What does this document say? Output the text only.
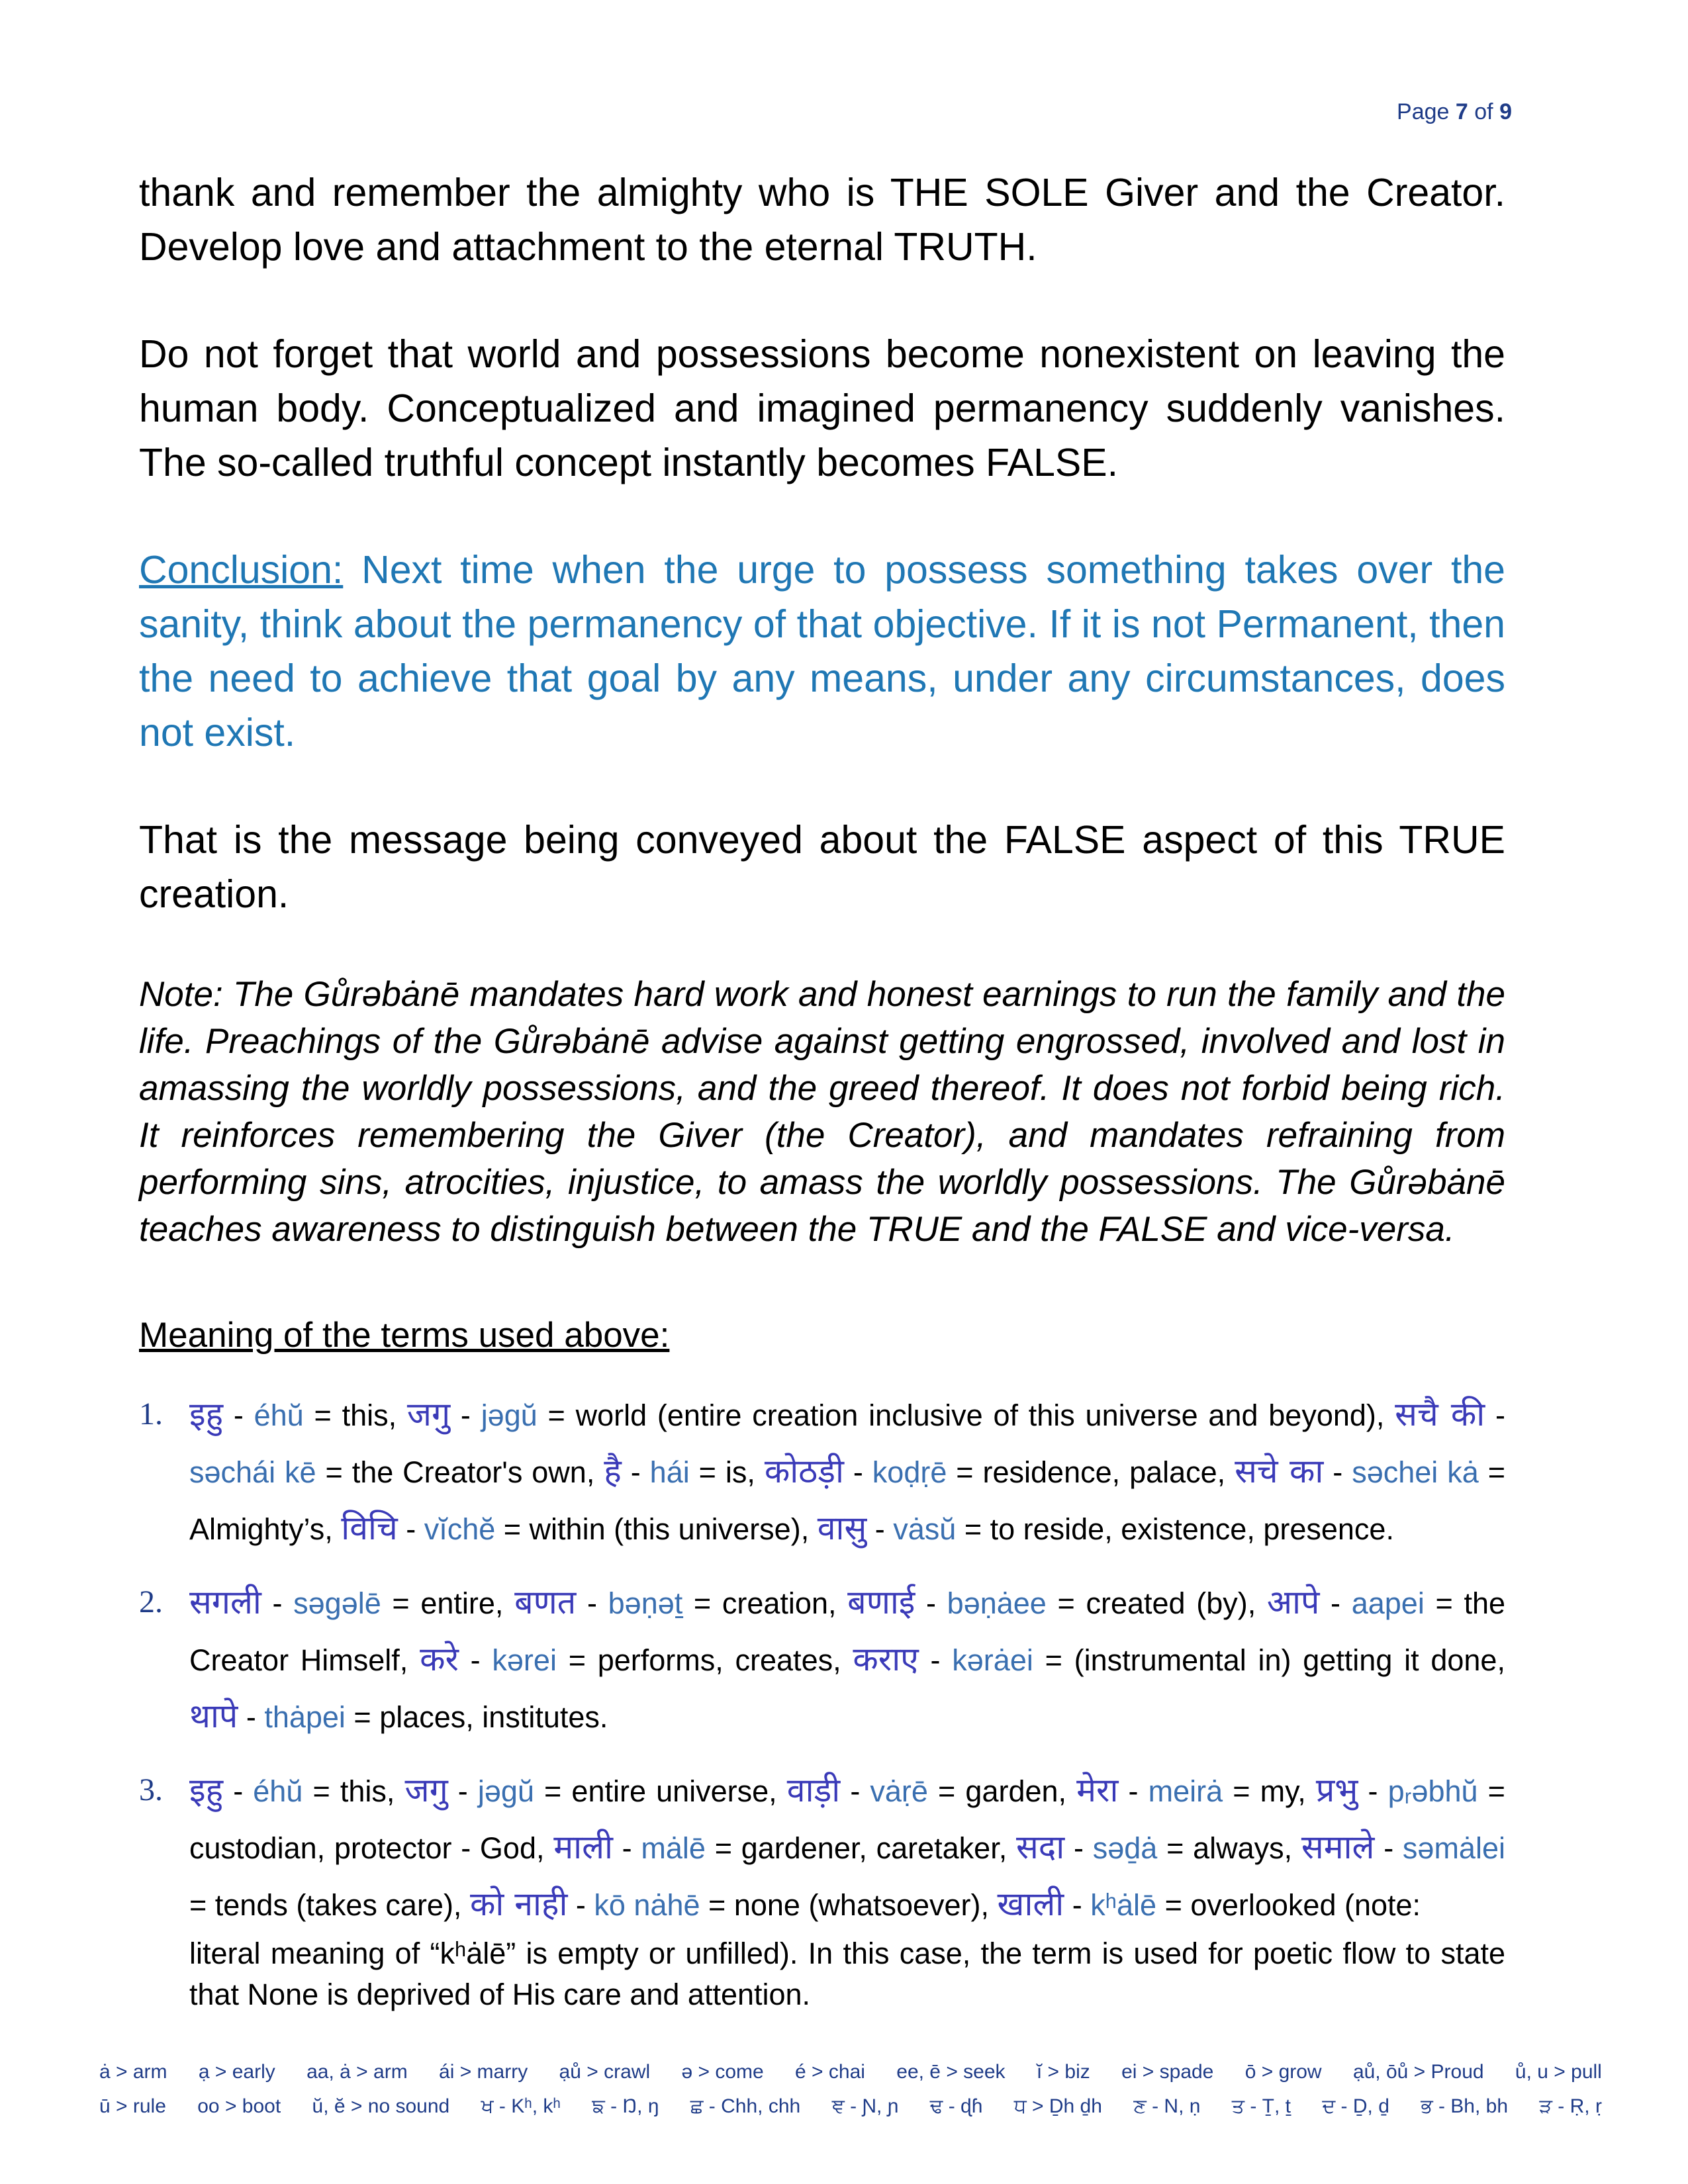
Page 7 of 9

thank and remember the almighty who is THE SOLE Giver and the Creator. Develop love and attachment to the eternal TRUTH.

Do not forget that world and possessions become nonexistent on leaving the human body. Conceptualized and imagined permanency suddenly vanishes. The so-called truthful concept instantly becomes FALSE.

Conclusion: Next time when the urge to possess something takes over the sanity, think about the permanency of that objective. If it is not Permanent, then the need to achieve that goal by any means, under any circumstances, does not exist.

That is the message being conveyed about the FALSE aspect of this TRUE creation.

Note: The Gůrəbȧnē mandates hard work and honest earnings to run the family and the life. Preachings of the Gůrəbȧnē advise against getting engrossed, involved and lost in amassing the worldly possessions, and the greed thereof. It does not forbid being rich. It reinforces remembering the Giver (the Creator), and mandates refraining from performing sins, atrocities, injustice, to amass the worldly possessions. The Gůrəbȧnē teaches awareness to distinguish between the TRUE and the FALSE and vice-versa.

Meaning of the terms used above:

1. इहु - éhŭ = this, जगु - jəgŭ = world (entire creation inclusive of this universe and beyond), सचै की - səchái kē = the Creator's own, है - hái = is, कोठड़ी - koḍṛē = residence, palace, सचे का - səchei kȧ = Almighty’s, विचि - vĭchĕ = within (this universe), वासु - vȧsŭ = to reside, existence, presence.
2. सगली - səgəlē = entire, बणत - bəṇəṯ = creation, बणाई - bəṇȧee = created (by), आपे - aapei = the Creator Himself, करे - kərei = performs, creates, कराए - kərȧei = (instrumental in) getting it done, थापे - thȧpei = places, institutes.
3. इहु - éhŭ = this, जगु - jəgŭ = entire universe, वाड़ी - vȧṛē = garden, मेरा - meirȧ = my, प्रभु - pᵣəbhŭ = custodian, protector - God, माली - mȧlē = gardener, caretaker, सदा - səḏȧ = always, समाले - səmȧlei = tends (takes care), को नाही - kō nȧhē = none (whatsoever), खाली - kʰȧlē = overlooked (note:
literal meaning of “kʰȧlē” is empty or unfilled). In this case, the term is used for poetic flow to state that None is deprived of His care and attention.
ȧ > arm ạ > early aa, ȧ > arm ái > marry ạů > crawl ə > come é > chai ee, ē > seek ĭ > biz ei > spade ō > grow ạů, ōů > Proud ů, u > pull
ū > rule oo > boot ŭ, ĕ > no sound ਖ - Kʰ, kʰ ਙ - Ŋ, ŋ ਛ - Chh, chh ਞ - Ɲ, ɲ ਢ - ɖɦ ਧ > Ḏh ḏh ਣ - N, ṇ ਤ - Ṯ, ṯ ਦ - Ḏ, ḏ ਭ - Bh, bh ੜ - Ṛ, ṛ
